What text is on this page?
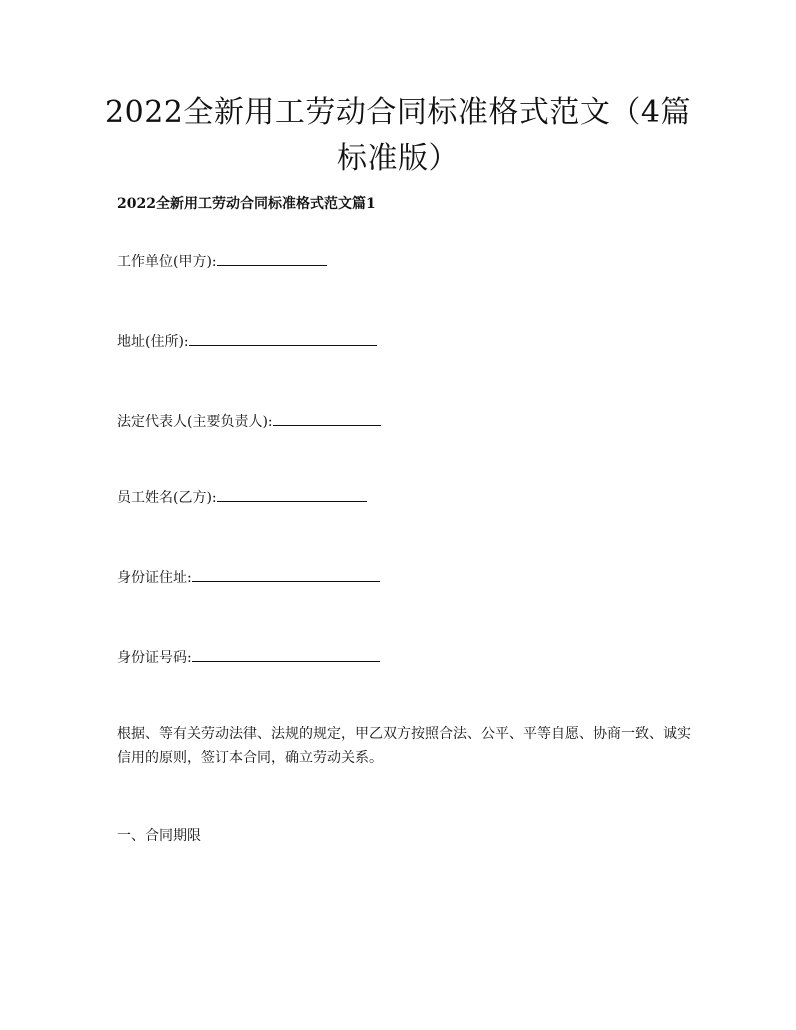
2022全新用工劳动合同标准格式范文（4篇标准版）
2022全新用工劳动合同标准格式范文篇1
工作单位(甲方):
地址(住所):
法定代表人(主要负责人):
员工姓名(乙方):
身份证住址:
身份证号码:

根据、等有关劳动法律、法规的规定，甲乙双方按照合法、公平、平等自愿、协商一致、诚实信用的原则，签订本合同，确立劳动关系。

一、合同期限
